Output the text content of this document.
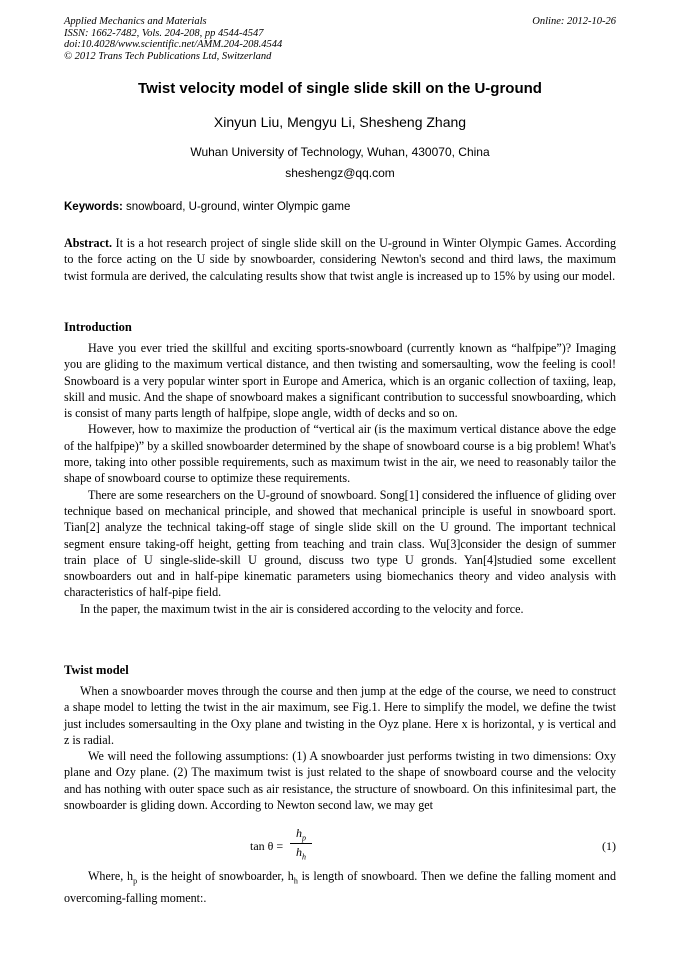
Applied Mechanics and Materials
ISSN: 1662-7482, Vols. 204-208, pp 4544-4547
doi:10.4028/www.scientific.net/AMM.204-208.4544
© 2012 Trans Tech Publications Ltd, Switzerland
Online: 2012-10-26
Twist velocity model of single slide skill on the U-ground
Xinyun Liu, Mengyu Li, Shesheng Zhang
Wuhan University of Technology, Wuhan, 430070, China
sheshengz@qq.com
Keywords: snowboard, U-ground, winter Olympic game

Abstract. It is a hot research project of single slide skill on the U-ground in Winter Olympic Games. According to the force acting on the U side by snowboarder, considering Newton's second and third laws, the maximum twist formula are derived, the calculating results show that twist angle is increased up to 15% by using our model.

Introduction

Have you ever tried the skillful and exciting sports-snowboard (currently known as “halfpipe”)? Imaging you are gliding to the maximum vertical distance, and then twisting and somersaulting, wow the feeling is cool! Snowboard is a very popular winter sport in Europe and America, which is an organic collection of taxiing, leap, skill and music. And the shape of snowboard makes a significant contribution to successful snowboarding, which is consist of many parts length of halfpipe, slope angle, width of decks and so on.

However, how to maximize the production of “vertical air (is the maximum vertical distance above the edge of the halfpipe)” by a skilled snowboarder determined by the shape of snowboard course is a big problem! What's more, taking into other possible requirements, such as maximum twist in the air, we need to reasonably tailor the shape of snowboard course to optimize these requirements.

There are some researchers on the U-ground of snowboard. Song[1] considered the influence of gliding over technique based on mechanical principle, and showed that mechanical principle is useful in snowboard sport. Tian[2] analyze the technical taking-off stage of single slide skill on the U ground. The important technical segment ensure taking-off height, getting from teaching and train class. Wu[3]consider the design of summer train place of U single-slide-skill U ground, discuss two type U gronds. Yan[4]studied some excellent snowboarders out and in half-pipe kinematic parameters using biomechanics theory and video analysis with characteristics of half-pipe field.

In the paper, the maximum twist in the air is considered according to the velocity and force.

Twist model

When a snowboarder moves through the course and then jump at the edge of the course, we need to construct a shape model to letting the twist in the air maximum, see Fig.1. Here to simplify the model, we define the twist just includes somersaulting in the Oxy plane and twisting in the Oyz plane. Here x is horizontal, y is vertical and z is radial.

We will need the following assumptions: (1) A snowboarder just performs twisting in two dimensions: Oxy plane and Ozy plane. (2) The maximum twist is just related to the shape of snowboard course and the velocity and has nothing with outer space such as air resistance, the structure of snowboard. On this infinitesimal part, the snowboarder is gliding down. According to Newton second law, we may get

tan θ =
$h_p$
$h_h$
(1)

Where, $h_p$ is the height of snowboarder, $h_h$ is length of snowboard. Then we define the falling moment and overcoming-falling moment:.
